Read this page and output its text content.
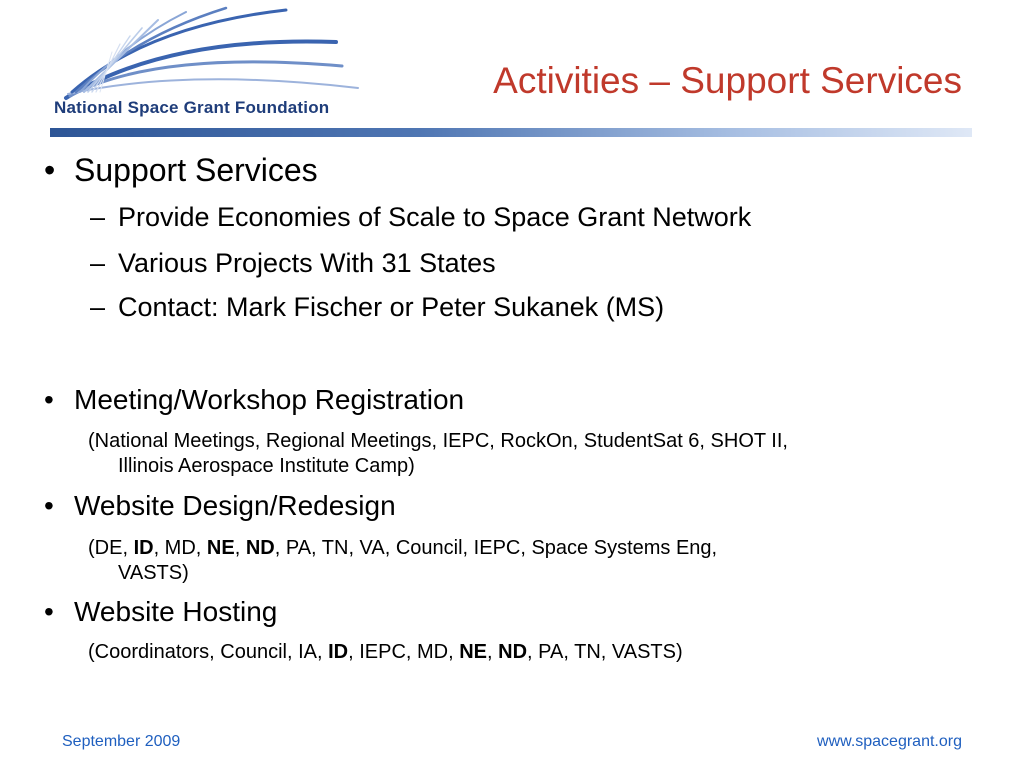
National Space Grant Foundation
Activities – Support Services
• Support Services
– Provide Economies of Scale to Space Grant Network
– Various Projects With 31 States
– Contact: Mark Fischer or Peter Sukanek (MS)
• Meeting/Workshop Registration
(National Meetings, Regional Meetings, IEPC, RockOn, StudentSat 6, SHOT II,
Illinois Aerospace Institute Camp)
• Website Design/Redesign
(DE, ID, MD, NE, ND, PA, TN, VA, Council, IEPC, Space Systems Eng,
VASTS)
• Website Hosting
(Coordinators, Council, IA, ID, IEPC, MD, NE, ND, PA, TN, VASTS)
September 2009	www.spacegrant.org
